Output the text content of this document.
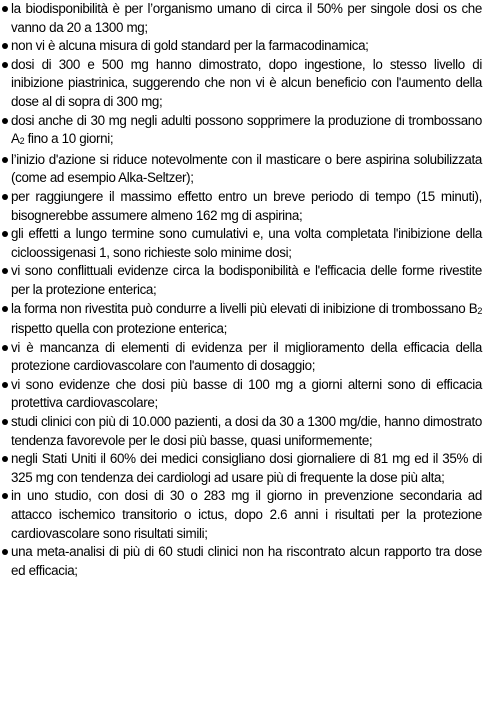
la biodisponibilità è per l’organismo umano di circa il 50% per singole dosi os che vanno da 20 a 1300 mg;
non vi è alcuna misura di gold standard per la farmacodinamica;
dosi di 300 e 500 mg hanno dimostrato, dopo ingestione, lo stesso livello di inibizione piastrinica, suggerendo che non vi è alcun beneficio con l'aumento della dose al di sopra di 300 mg;
dosi anche di 30 mg negli adulti possono sopprimere la produzione di trombossano $A_2$ fino a 10 giorni;
l’inizio d'azione si riduce notevolmente con il masticare o bere aspirina solubilizzata (come ad esempio Alka-Seltzer);
per raggiungere il massimo effetto entro un breve periodo di tempo (15 minuti), bisognerebbe assumere almeno 162 mg di aspirina;
gli effetti a lungo termine sono cumulativi e, una volta completata l'inibizione della cicloossigenasi 1, sono richieste solo minime dosi;
vi sono conflittuali evidenze circa la bodisponibilità e l'efficacia delle forme rivestite per la protezione enterica;
la forma non rivestita può condurre a livelli più elevati di inibizione di trombossano $B_2$ rispetto quella con protezione enterica;
vi è mancanza di elementi di evidenza per il miglioramento della efficacia della protezione cardiovascolare con l'aumento di dosaggio;
vi sono evidenze che dosi più basse di 100 mg a giorni alterni sono di efficacia protettiva cardiovascolare;
studi clinici con più di 10.000 pazienti, a dosi da 30 a 1300 mg/die, hanno dimostrato tendenza favorevole per le dosi più basse, quasi uniformemente;
negli Stati Uniti il 60% dei medici consigliano dosi giornaliere di 81 mg ed il 35% di 325 mg con tendenza dei cardiologi ad usare più di frequente la dose più alta;
in uno studio, con dosi di 30 o 283 mg il giorno in prevenzione secondaria ad attacco ischemico transitorio o ictus, dopo 2.6 anni i risultati per la protezione cardiovascolare sono risultati simili;
una meta-analisi di più di 60 studi clinici non ha riscontrato alcun rapporto tra dose ed efficacia;
